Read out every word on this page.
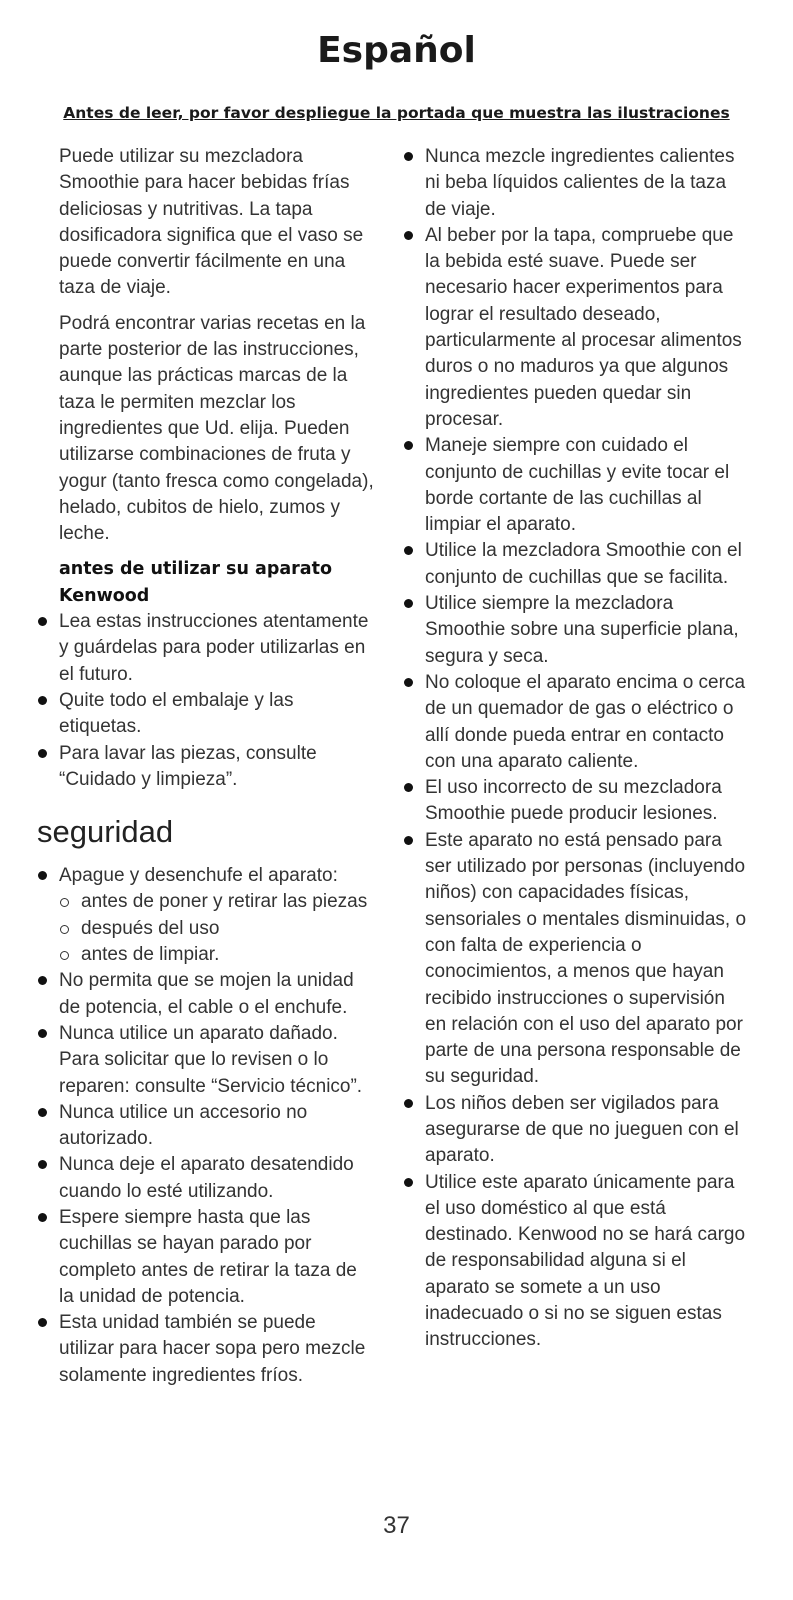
Español

Antes de leer, por favor despliegue la portada que muestra las ilustraciones

Puede utilizar su mezcladora Smoothie para hacer bebidas frías deliciosas y nutritivas. La tapa dosificadora significa que el vaso se puede convertir fácilmente en una taza de viaje.

Podrá encontrar varias recetas en la parte posterior de las instrucciones, aunque las prácticas marcas de la taza le permiten mezclar los ingredientes que Ud. elija. Pueden utilizarse combinaciones de fruta y yogur (tanto fresca como congelada), helado, cubitos de hielo, zumos y leche.

antes de utilizar su aparato Kenwood
Lea estas instrucciones atentamente y guárdelas para poder utilizarlas en el futuro.
Quite todo el embalaje y las etiquetas.
Para lavar las piezas, consulte “Cuidado y limpieza”.
seguridad
Apague y desenchufe el aparato:
antes de poner y retirar las piezas
después del uso
antes de limpiar.
No permita que se mojen la unidad de potencia, el cable o el enchufe.
Nunca utilice un aparato dañado. Para solicitar que lo revisen o lo reparen: consulte “Servicio técnico”.
Nunca utilice un accesorio no autorizado.
Nunca deje el aparato desatendido cuando lo esté utilizando.
Espere siempre hasta que las cuchillas se hayan parado por completo antes de retirar la taza de la unidad de potencia.
Esta unidad también se puede utilizar para hacer sopa pero mezcle solamente ingredientes fríos.
Nunca mezcle ingredientes calientes ni beba líquidos calientes de la taza de viaje.
Al beber por la tapa, compruebe que la bebida esté suave. Puede ser necesario hacer experimentos para lograr el resultado deseado, particularmente al procesar alimentos duros o no maduros ya que algunos ingredientes pueden quedar sin procesar.
Maneje siempre con cuidado el conjunto de cuchillas y evite tocar el borde cortante de las cuchillas al limpiar el aparato.
Utilice la mezcladora Smoothie con el conjunto de cuchillas que se facilita.
Utilice siempre la mezcladora Smoothie sobre una superficie plana, segura y seca.
No coloque el aparato encima o cerca de un quemador de gas o eléctrico o allí donde pueda entrar en contacto con una aparato caliente.
El uso incorrecto de su mezcladora Smoothie puede producir lesiones.
Este aparato no está pensado para ser utilizado por personas (incluyendo niños) con capacidades físicas, sensoriales o mentales disminuidas, o con falta de experiencia o conocimientos, a menos que hayan recibido instrucciones o supervisión en relación con el uso del aparato por parte de una persona responsable de su seguridad.
Los niños deben ser vigilados para asegurarse de que no jueguen con el aparato.
Utilice este aparato únicamente para el uso doméstico al que está destinado. Kenwood no se hará cargo de responsabilidad alguna si el aparato se somete a un uso inadecuado o si no se siguen estas instrucciones.

37
